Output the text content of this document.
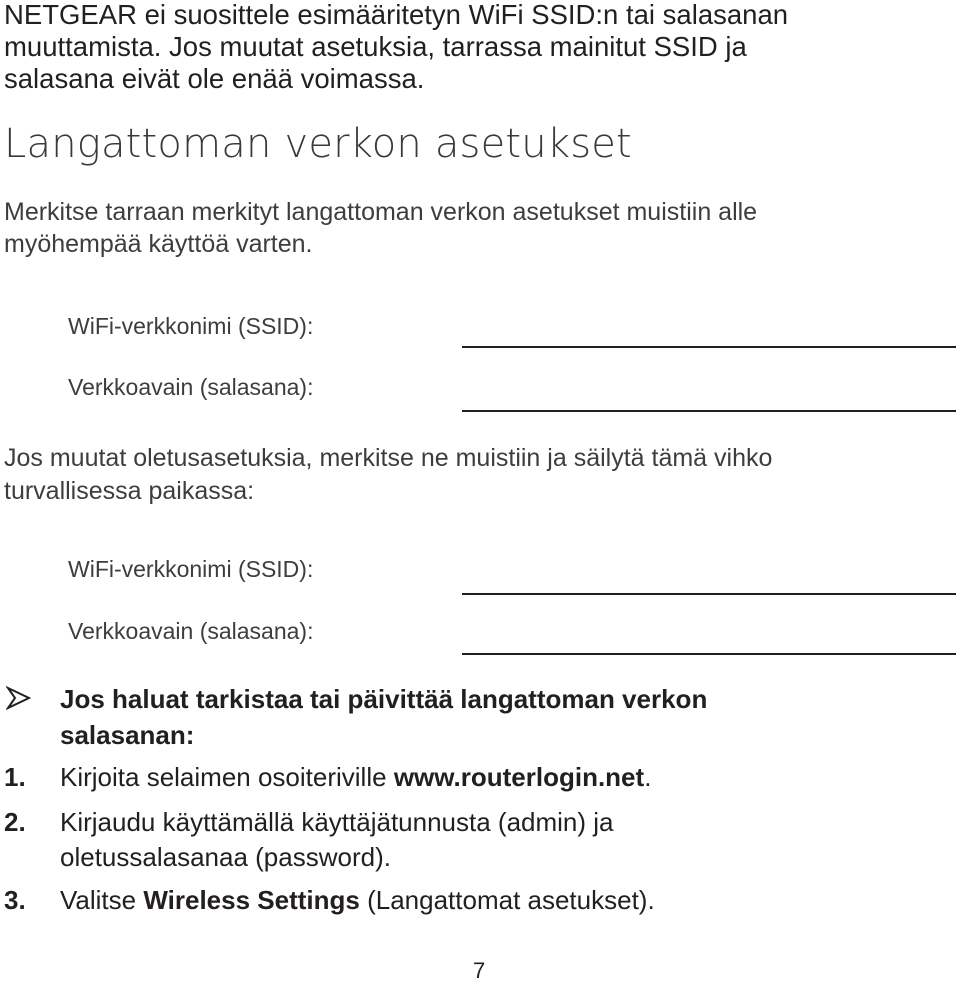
NETGEAR ei suosittele esimääritetyn WiFi SSID:n tai salasanan
muuttamista. Jos muutat asetuksia, tarrassa mainitut SSID ja
salasana eivät ole enää voimassa.
Langattoman verkon asetukset
Merkitse tarraan merkityt langattoman verkon asetukset muistiin alle
myöhempää käyttöä varten.
WiFi-verkkonimi (SSID):
Verkkoavain (salasana):
Jos muutat oletusasetuksia, merkitse ne muistiin ja säilytä tämä vihko
turvallisessa paikassa:
WiFi-verkkonimi (SSID):
Verkkoavain (salasana):
Jos haluat tarkistaa tai päivittää langattoman verkon
salasanan:
1. Kirjoita selaimen osoiteriville www.routerlogin.net.
2. Kirjaudu käyttämällä käyttäjätunnusta (admin) ja
oletussalasanaa (password).
3. Valitse Wireless Settings (Langattomat asetukset).
7
